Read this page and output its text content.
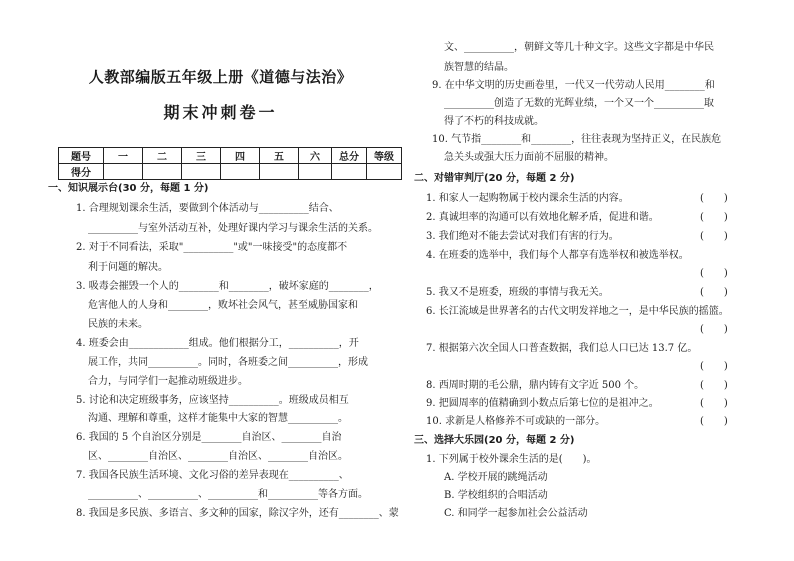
人教部编版五年级上册《道德与法治》
期末冲刺卷一
题号	一	二	三	四	五	六	总分	等级
得分								
一、知识展示台(30 分，每题 1 分)
1. 合理规划课余生活，要做到个体活动与__________结合、
__________与室外活动互补，处理好课内学习与课余生活的关系。
2. 对于不同看法，采取"__________"或"一味接受"的态度都不
利于问题的解决。
3. 吸毒会摧毁一个人的________和________，破坏家庭的________，
危害他人的人身和________，败坏社会风气，甚至威胁国家和
民族的未来。
4. 班委会由____________组成。他们根据分工，__________，开
展工作，共同__________。同时，各班委之间__________，形成
合力，与同学们一起推动班级进步。
5. 讨论和决定班级事务，应该坚持__________。班级成员相互
沟通、理解和尊重，这样才能集中大家的智慧__________。
6. 我国的 5 个自治区分别是________自治区、________自治
区、________自治区、________自治区、________自治区。
7. 我国各民族生活环境、文化习俗的差异表现在__________、
__________、__________、__________和__________等各方面。
8. 我国是多民族、多语言、多文种的国家，除汉字外，还有________、蒙
文、__________，朝鲜文等几十种文字。这些文字都是中华民
族智慧的结晶。
9. 在中华文明的历史画卷里，一代又一代劳动人民用________和
__________创造了无数的光辉业绩，一个又一个__________取
得了不朽的科技成就。
10. 气节指________和________，往往表现为坚持正义，在民族危
急关头或强大压力面前不屈服的精神。
二、对错审判厅(20 分，每题 2 分)
1. 和家人一起购物属于校内课余生活的内容。	(　　)
2. 真诚坦率的沟通可以有效地化解矛盾，促进和谐。	(　　)
3. 我们绝对不能去尝试对我们有害的行为。	(　　)
4. 在班委的选举中，我们每个人都享有选举权和被选举权。
(　　)
5. 我又不是班委，班级的事情与我无关。	(　　)
6. 长江流域是世界著名的古代文明发祥地之一，是中华民族的摇篮。
(　　)
7. 根据第六次全国人口普查数据，我们总人口已达 13.7 亿。
(　　)
8. 西周时期的毛公鼎，鼎内铸有文字近 500 个。	(　　)
9. 把圆周率的值精确到小数点后第七位的是祖冲之。	(　　)
10. 求新是人格修养不可或缺的一部分。	(　　)
三、选择大乐园(20 分，每题 2 分)
1. 下列属于校外课余生活的是(　　)。
A. 学校开展的跳绳活动
B. 学校组织的合唱活动
C. 和同学一起参加社会公益活动
